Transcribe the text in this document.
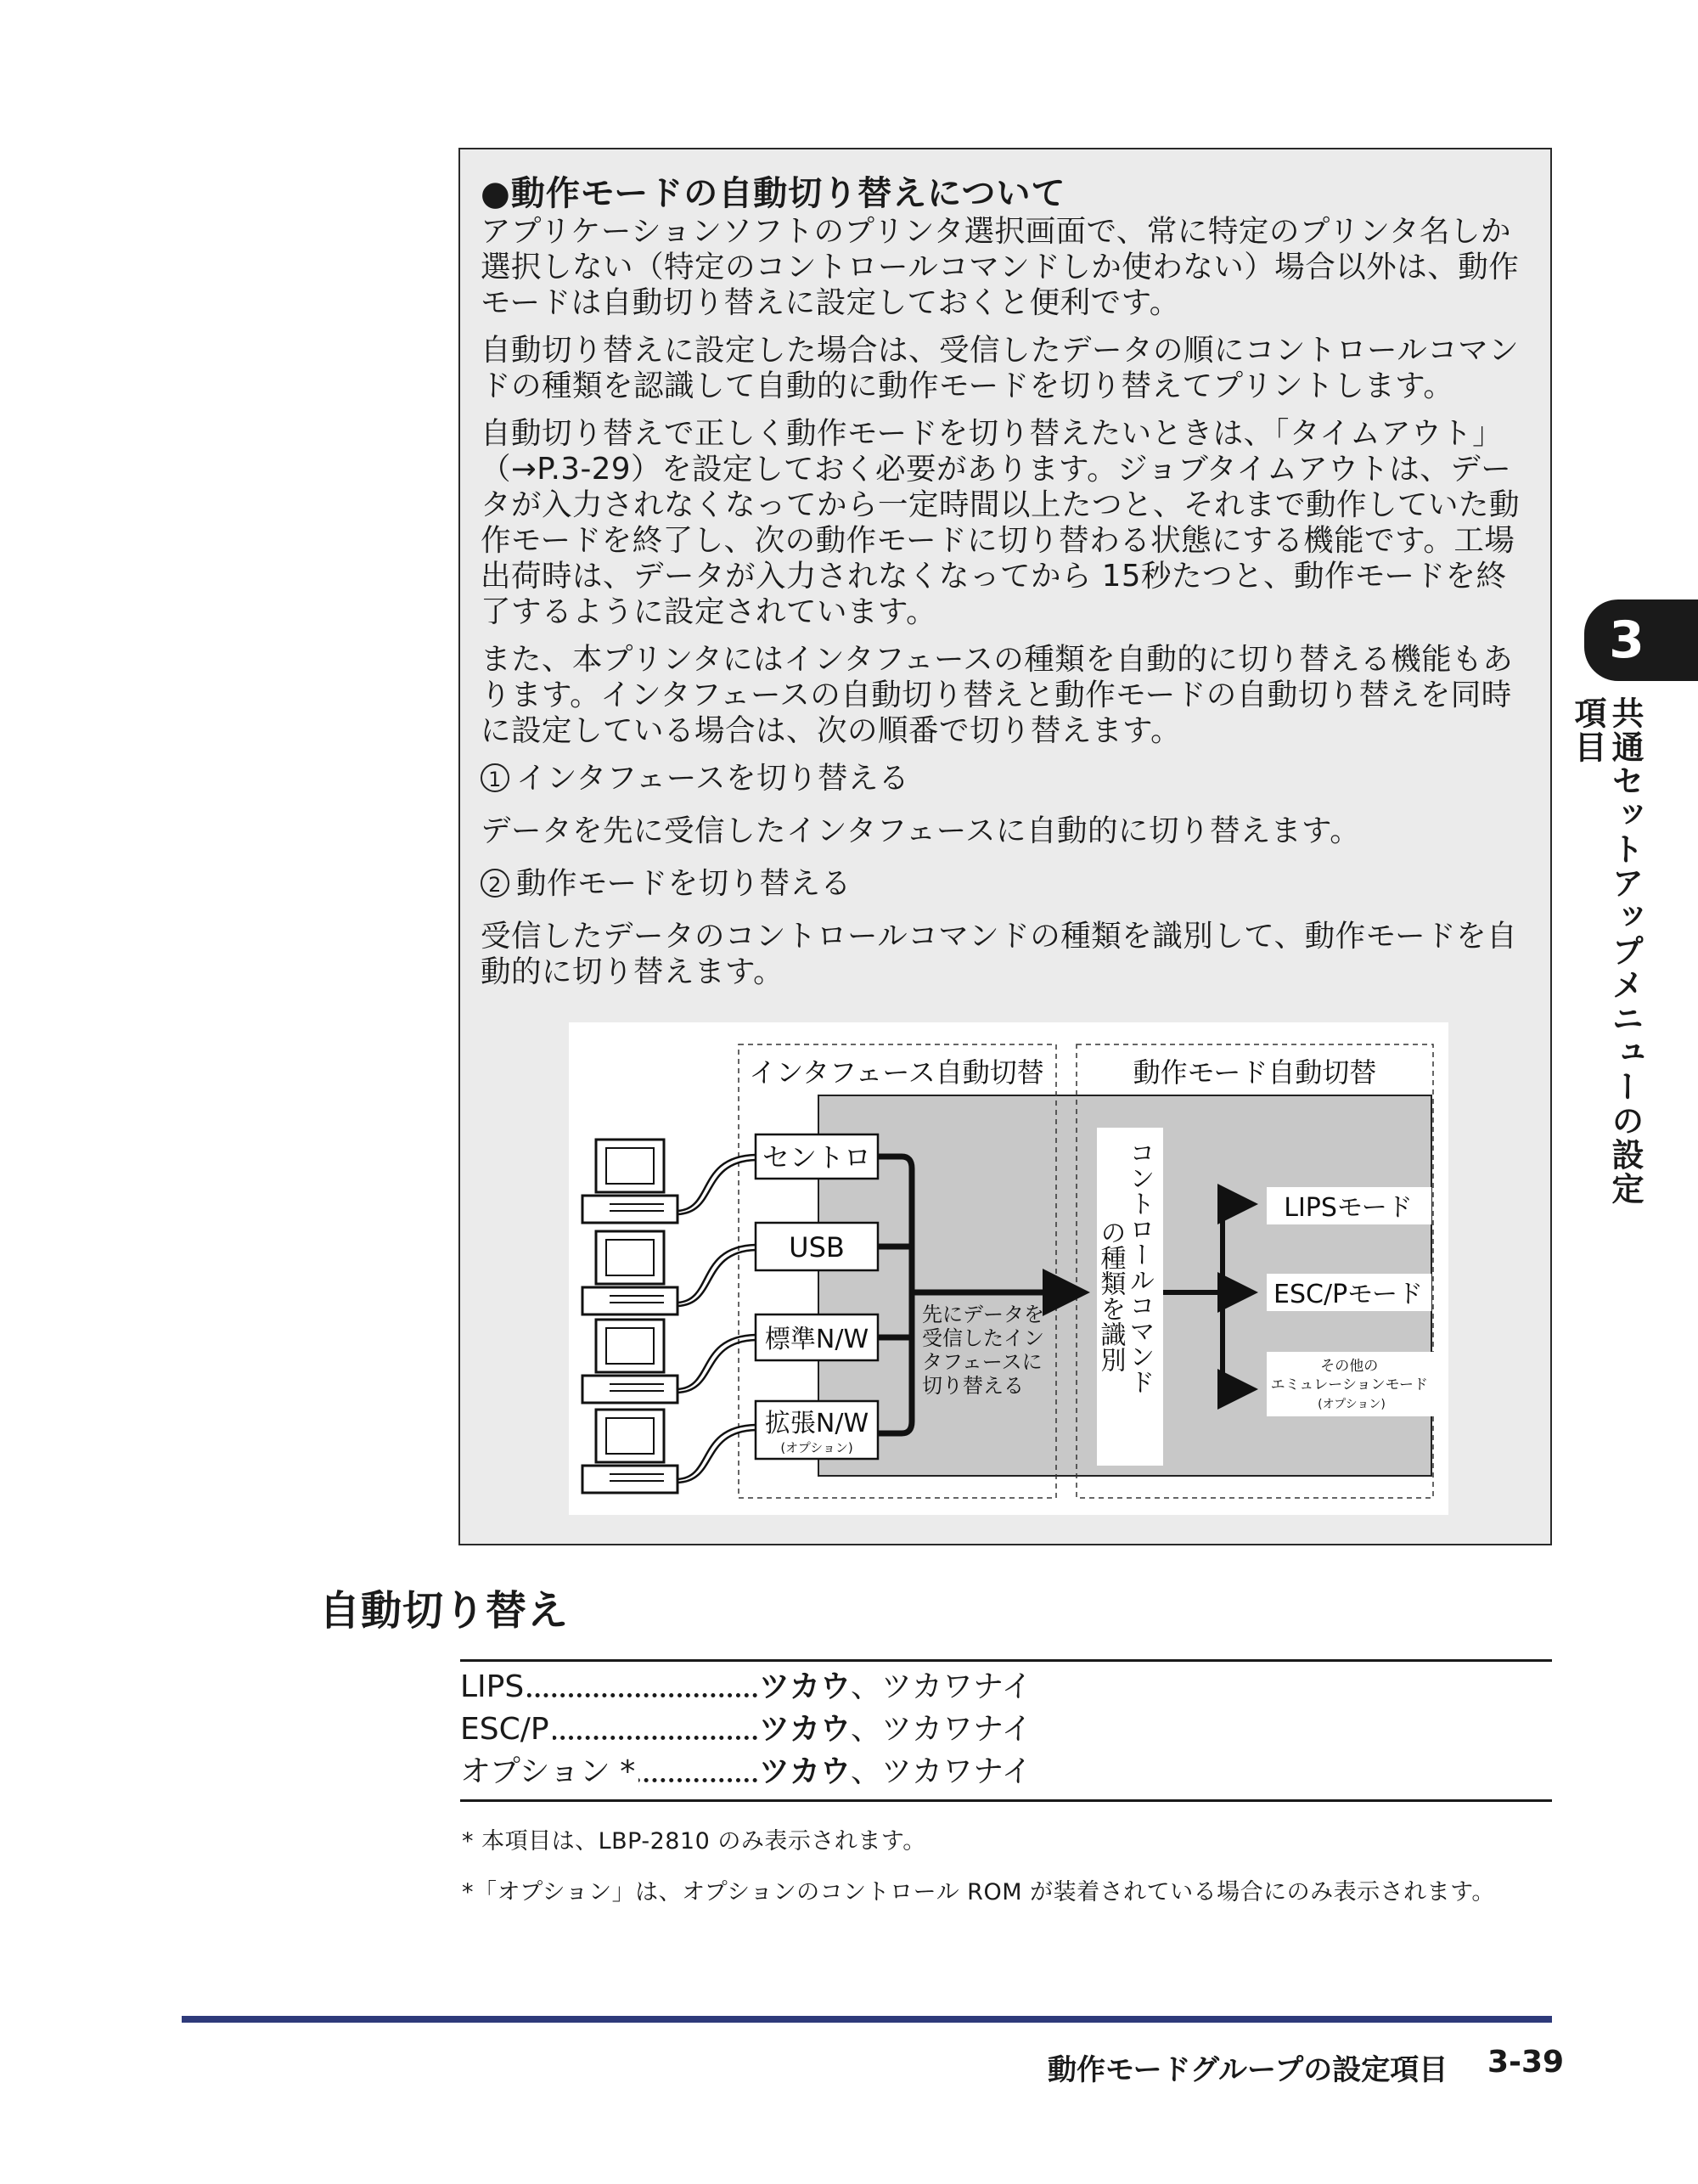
●動作モードの自動切り替えについて

アプリケーションソフトのプリンタ選択画面で、常に特定のプリンタ名しか選択しない（特定のコントロールコマンドしか使わない）場合以外は、動作モードは自動切り替えに設定しておくと便利です。

自動切り替えに設定した場合は、受信したデータの順にコントロールコマンドの種類を認識して自動的に動作モードを切り替えてプリントします。

自動切り替えで正しく動作モードを切り替えたいときは、「タイムアウト」（→P.3-29）を設定しておく必要があります。ジョブタイムアウトは、データが入力されなくなってから一定時間以上たつと、それまで動作していた動作モードを終了し、次の動作モードに切り替わる状態にする機能です。工場出荷時は、データが入力されなくなってから 15秒たつと、動作モードを終了するように設定されています。

また、本プリンタにはインタフェースの種類を自動的に切り替える機能もあります。インタフェースの自動切り替えと動作モードの自動切り替えを同時に設定している場合は、次の順番で切り替えます。

1 インタフェースを切り替える

データを先に受信したインタフェースに自動的に切り替えます。

2 動作モードを切り替える

受信したデータのコントロールコマンドの種類を識別して、動作モードを自動的に切り替えます。

インタフェース自動切替	動作モード自動切替
セントロ
USB
標準N/W
拡張N/W
(オプション)
先にデータを 受信したイン タフェースに 切り替える	コントロールコマンド
の種類を識別
LIPSモード
ESC/Pモード
その他の エミュレーションモード (オプション)
自動切り替え
LIPS	ツカウ、ツカワナイ
ESC/P	ツカウ、ツカワナイ
オプション *	ツカウ、ツカワナイ
* 本項目は、LBP-2810 のみ表示されます。
*「オプション」は、オプションのコントロール ROM が装着されている場合にのみ表示されます。
動作モードグループの設定項目 3-39
3
共通セットアップメニューの設定項目
